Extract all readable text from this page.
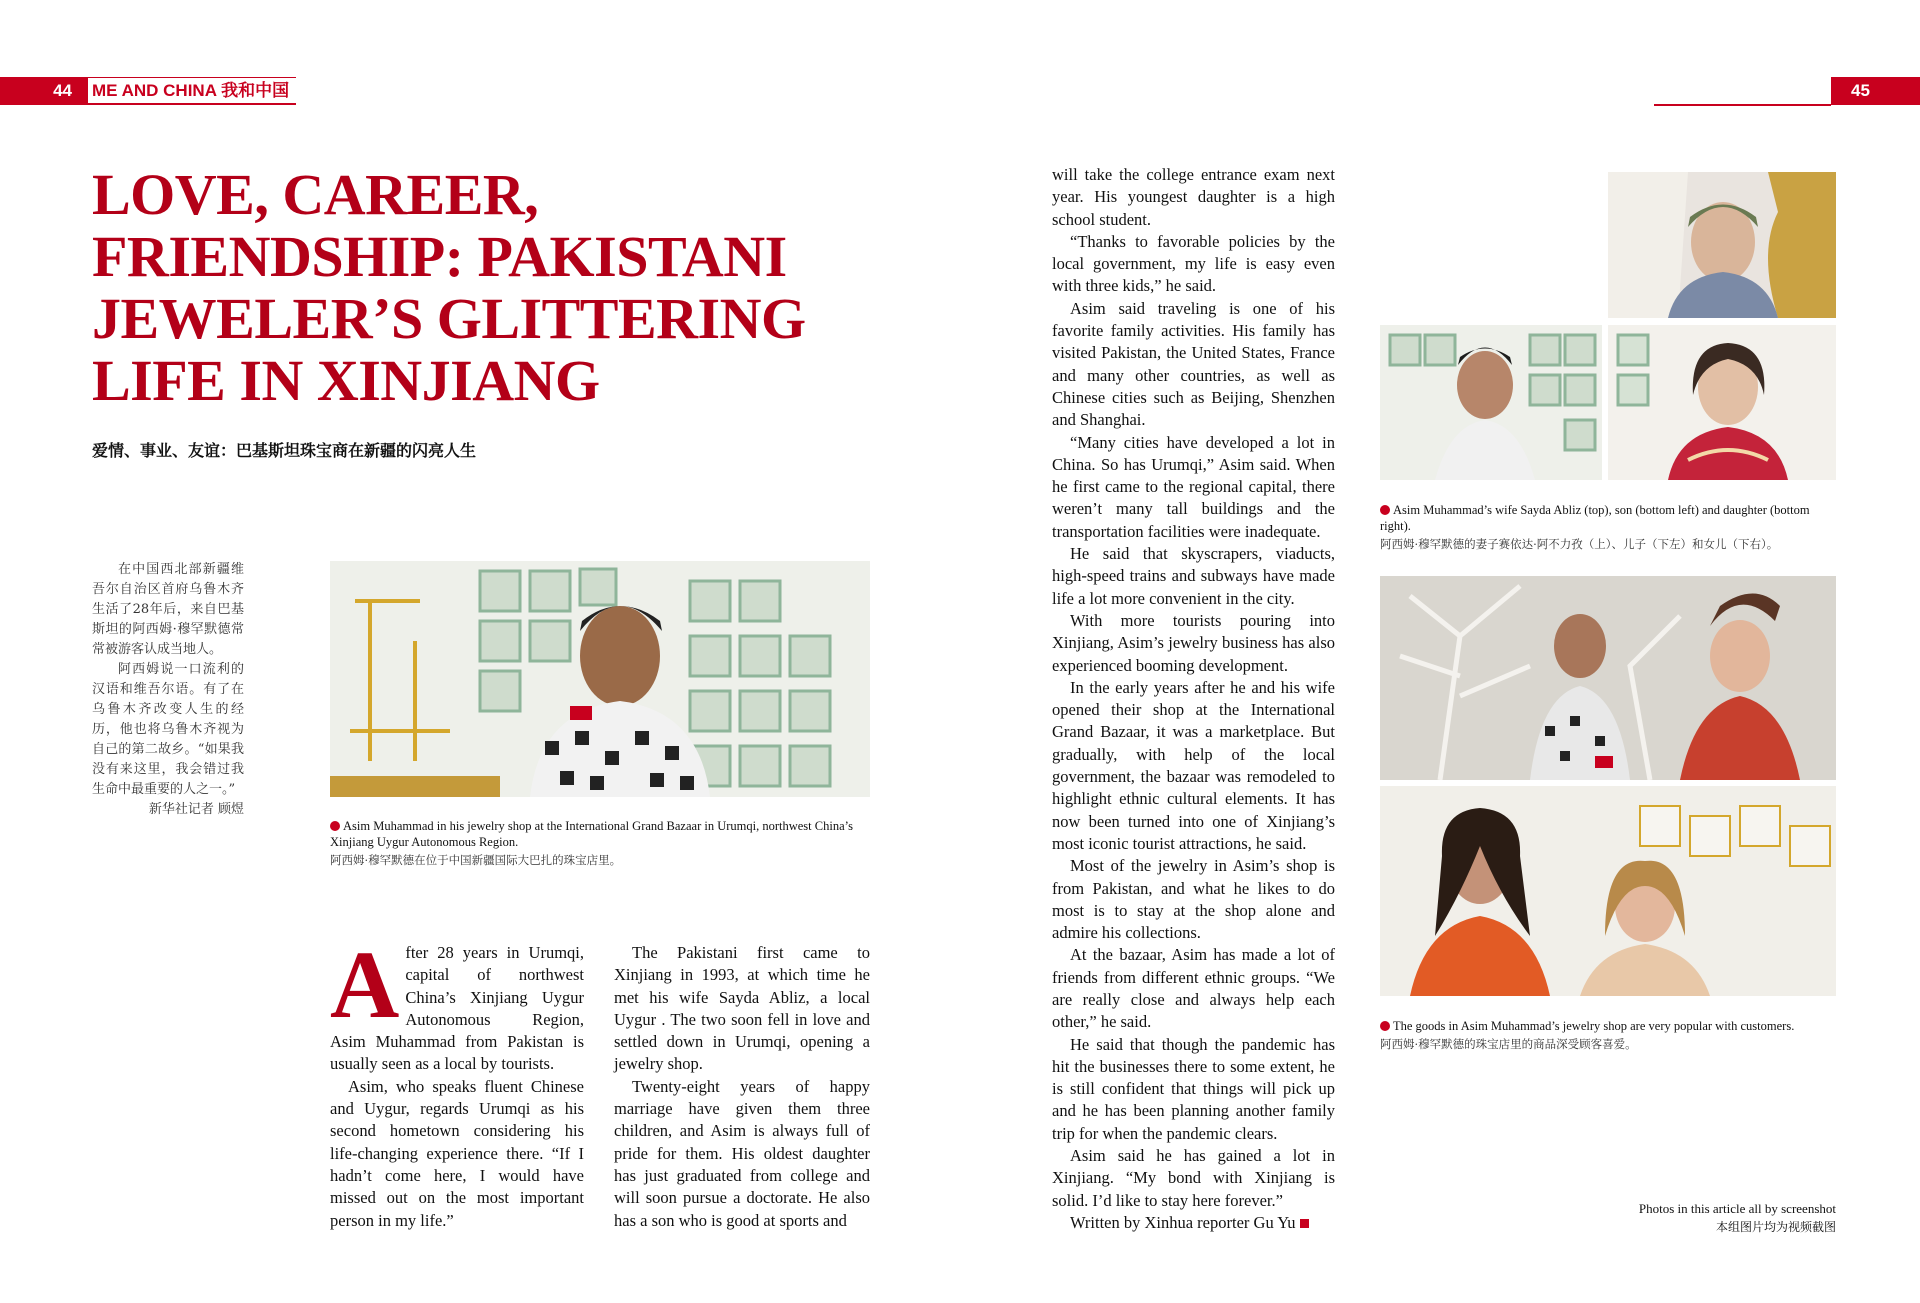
44	ME AND CHINA 我和中国	45
LOVE, CAREER,
FRIENDSHIP: PAKISTANI
JEWELER’S GLITTERING
LIFE IN XINJIANG
爱情、事业、友谊：巴基斯坦珠宝商在新疆的闪亮人生

在中国西北部新疆维吾尔自治区首府乌鲁木齐生活了28年后，来自巴基斯坦的阿西姆·穆罕默德常常被游客认成当地人。

阿西姆说一口流利的汉语和维吾尔语。有了在乌鲁木齐改变人生的经历，他也将乌鲁木齐视为自己的第二故乡。“如果我没有来这里，我会错过我生命中最重要的人之一。”

新华社记者 顾煜

Asim Muhammad in his jewelry shop at the International Grand Bazaar in Urumqi, northwest China’s Xinjiang Uygur Autonomous Region.
阿西姆·穆罕默德在位于中国新疆国际大巴扎的珠宝店里。

After 28 years in Urumqi, capital of northwest China’s Xinjiang Uygur Autonomous Region, Asim Muhammad from Pakistan is usually seen as a local by tourists.

Asim, who speaks fluent Chinese and Uygur, regards Urumqi as his second hometown considering his life-changing experience there. “If I hadn’t come here, I would have missed out on the most important person in my life.”

The Pakistani first came to Xinjiang in 1993, at which time he met his wife Sayda Abliz, a local Uygur . The two soon fell in love and settled down in Urumqi, opening a jewelry shop.

Twenty-eight years of happy marriage have given them three children, and Asim is always full of pride for them. His oldest daughter has just graduated from college and will soon pursue a doctorate. He also has a son who is good at sports and

will take the college entrance exam next year. His youngest daughter is a high school student.

“Thanks to favorable policies by the local government, my life is easy even with three kids,” he said.

Asim said traveling is one of his favorite family activities. His family has visited Pakistan, the United States, France and many other countries, as well as Chinese cities such as Beijing, Shenzhen and Shanghai.

“Many cities have developed a lot in China. So has Urumqi,” Asim said. When he first came to the regional capital, there weren’t many tall buildings and the transportation facilities were inadequate.

He said that skyscrapers, viaducts, high-speed trains and subways have made life a lot more convenient in the city.

With more tourists pouring into Xinjiang, Asim’s jewelry business has also experienced booming development.

In the early years after he and his wife opened their shop at the International Grand Bazaar, it was a marketplace. But gradually, with help of the local government, the bazaar was remodeled to highlight ethnic cultural elements. It has now been turned into one of Xinjiang’s most iconic tourist attractions, he said.

Most of the jewelry in Asim’s shop is from Pakistan, and what he likes to do most is to stay at the shop alone and admire his collections.

At the bazaar, Asim has made a lot of friends from different ethnic groups. “We are really close and always help each other,” he said.

He said that though the pandemic has hit the businesses there to some extent, he is still confident that things will pick up and he has been planning another family trip for when the pandemic clears.

Asim said he has gained a lot in Xinjiang. “My bond with Xinjiang is solid. I’d like to stay here forever.”

Written by Xinhua reporter Gu Yu

Asim Muhammad’s wife Sayda Abliz (top), son (bottom left) and daughter (bottom right).
阿西姆·穆罕默德的妻子赛依达·阿不力孜（上）、儿子（下左）和女儿（下右）。
The goods in Asim Muhammad’s jewelry shop are very popular with customers.
阿西姆·穆罕默德的珠宝店里的商品深受顾客喜爱。
Photos in this article all by screenshot
本组图片均为视频截图
